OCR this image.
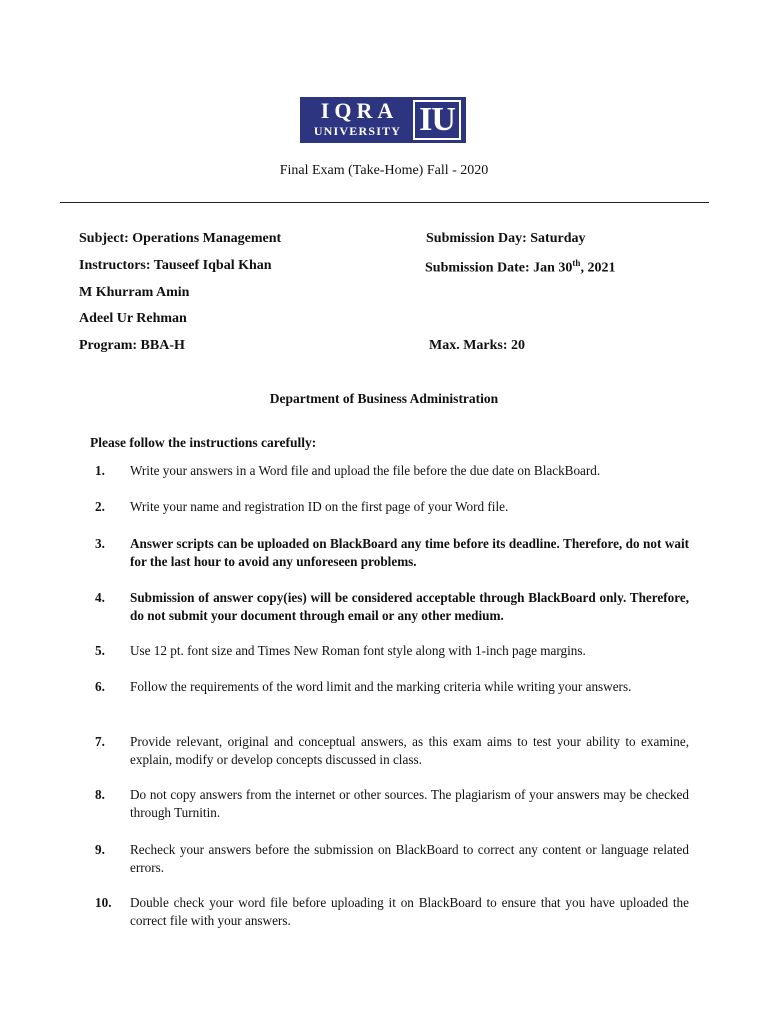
IQRA
UNIVERSITY IU
Final Exam (Take-Home) Fall - 2020
Subject: Operations Management
Instructors: Tauseef Iqbal Khan
M Khurram Amin
Adeel Ur Rehman
Program: BBA-H
Submission Day: Saturday
Submission Date: Jan 30th, 2021
Max. Marks: 20
Department of Business Administration
Please follow the instructions carefully:
1. Write your answers in a Word file and upload the file before the due date on BlackBoard.
2. Write your name and registration ID on the first page of your Word file.
3. Answer scripts can be uploaded on BlackBoard any time before its deadline. Therefore, do not wait for the last hour to avoid any unforeseen problems.
4. Submission of answer copy(ies) will be considered acceptable through BlackBoard only. Therefore, do not submit your document through email or any other medium.
5. Use 12 pt. font size and Times New Roman font style along with 1-inch page margins.
6. Follow the requirements of the word limit and the marking criteria while writing your answers.
7. Provide relevant, original and conceptual answers, as this exam aims to test your ability to examine, explain, modify or develop concepts discussed in class.
8. Do not copy answers from the internet or other sources. The plagiarism of your answers may be checked through Turnitin.
9. Recheck your answers before the submission on BlackBoard to correct any content or language related errors.
10. Double check your word file before uploading it on BlackBoard to ensure that you have uploaded the correct file with your answers.
